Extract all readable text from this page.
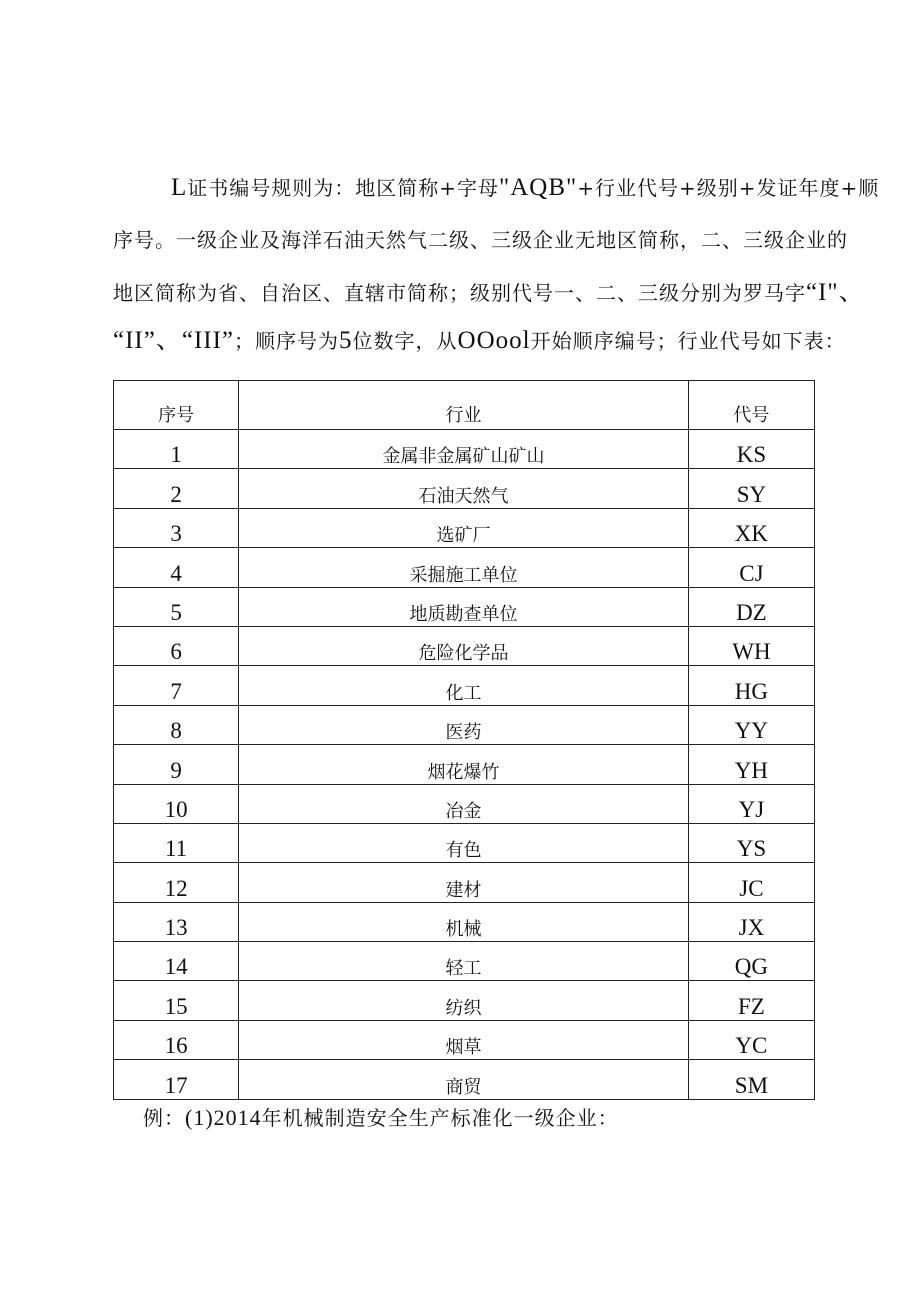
L证书编号规则为：地区简称+字母"AQB"+行业代号+级别+发证年度+顺
序号。一级企业及海洋石油天然气二级、三级企业无地区简称，二、三级企业的
地区简称为省、自治区、直辖市简称；级别代号一、二、三级分别为罗马字“I"、
“II”、“III”；顺序号为5位数字，从OOool开始顺序编号；行业代号如下表：
序号	行业	代号
1	金属非金属矿山矿山	KS
2	石油天然气	SY
3	选矿厂	XK
4	采掘施工单位	CJ
5	地质勘查单位	DZ
6	危险化学品	WH
7	化工	HG
8	医药	YY
9	烟花爆竹	YH
10	冶金	YJ
11	有色	YS
12	建材	JC
13	机械	JX
14	轻工	QG
15	纺织	FZ
16	烟草	YC
17	商贸	SM
例：(1)2014年机械制造安全生产标准化一级企业：
